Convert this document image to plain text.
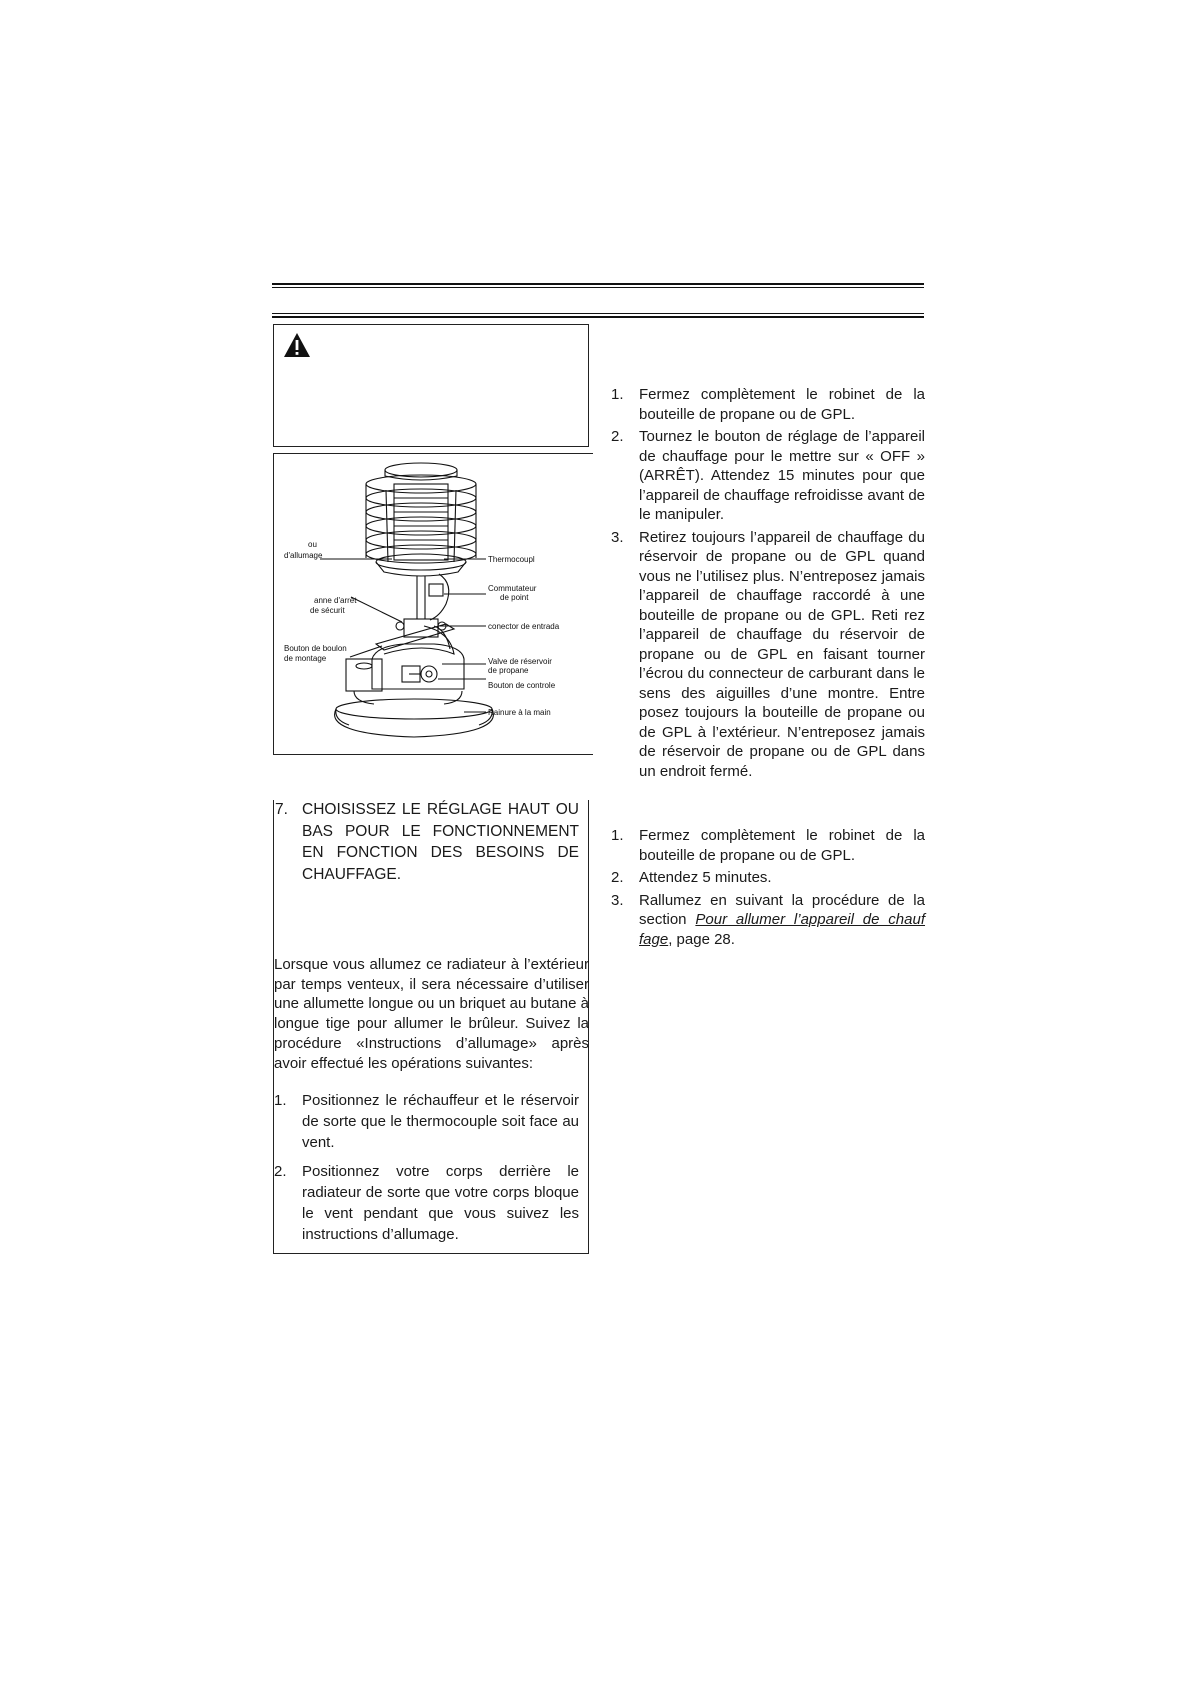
ou
d'allumage	Thermocoupl
Commutateur
de point
anne d'arrêt
de sécurit
conector de entrada
Bouton de boulon
de montage	Valve de réservoir
de propane
Bouton de controle
Rainure à la main
7. CHOISISSEZ LE RÉGLAGE HAUT OU BAS POUR LE FONCTIONNEMENT EN FONCTION DES BESOINS DE CHAUFFAGE.
Lorsque vous allumez ce radiateur à l’extérieur par temps venteux, il sera nécessaire d’utiliser une allumette longue ou un briquet au butane à longue tige pour allumer le brûleur. Suivez la procédure «Instructions d’allumage» après avoir effectué les opérations suivantes:
1. Positionnez le réchauffeur et le réservoir de sorte que le thermocouple soit face au vent.
2. Positionnez votre corps derrière le radiateur de sorte que votre corps bloque le vent pendant que vous suivez les instructions d’allumage.
1. Fermez complètement le robinet de la bouteille de propane ou de GPL.
2. Tournez le bouton de réglage de l’appareil de chauffage pour le mettre sur « OFF » (ARRÊT). Attendez 15 minutes pour que l’appareil de chauffage refroidisse avant de le manipuler.
3. Retirez toujours l’appareil de chauffage du réservoir de propane ou de GPL quand vous ne l’utilisez plus. N’entreposez jamais l’appareil de chauffage raccordé à une bouteille de propane ou de GPL. Reti rez l’appareil de chauffage du réservoir de propane ou de GPL en faisant tourner l’écrou du connecteur de carburant dans le sens des aiguilles d’une montre. Entre posez toujours la bouteille de propane ou de GPL à l’extérieur. N’entreposez jamais de réservoir de propane ou de GPL dans un endroit fermé.
1. Fermez complètement le robinet de la bouteille de propane ou de GPL.
2. Attendez 5 minutes.
3. Rallumez en suivant la procédure de la section Pour allumer l’appareil de chauf fage, page 28.
